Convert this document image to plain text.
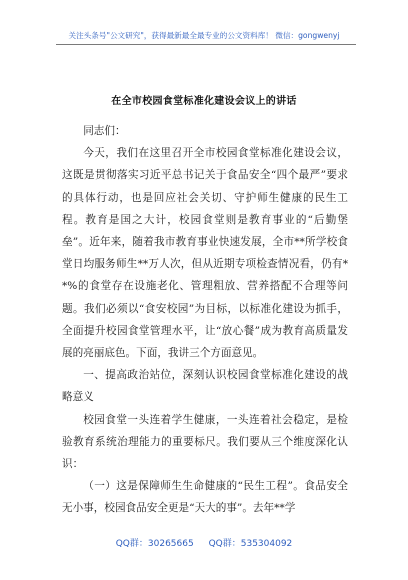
关注头条号"公文研究"，获得最新最全最专业的公文资料库！ 微信：gongwenyj
在全市校园食堂标准化建设会议上的讲话

同志们：

今天，我们在这里召开全市校园食堂标准化建设会议，这既是贯彻落实习近平总书记关于食品安全“四个最严”要求的具体行动，也是回应社会关切、守护师生健康的民生工程。教育是国之大计，校园食堂则是教育事业的“后勤堡垒”。近年来，随着我市教育事业快速发展，全市**所学校食堂日均服务师生**万人次，但从近期专项检查情况看，仍有**%的食堂存在设施老化、管理粗放、营养搭配不合理等问题。我们必须以“食安校园”为目标，以标准化建设为抓手，全面提升校园食堂管理水平，让“放心餐”成为教育高质量发展的亮丽底色。下面，我讲三个方面意见。

一、提高政治站位，深刻认识校园食堂标准化建设的战略意义

校园食堂一头连着学生健康，一头连着社会稳定，是检验教育系统治理能力的重要标尺。我们要从三个维度深化认识：

（一）这是保障师生生命健康的“民生工程”。食品安全无小事，校园食品安全更是“天大的事”。去年**学

QQ群：30265665 QQ群：535304092
